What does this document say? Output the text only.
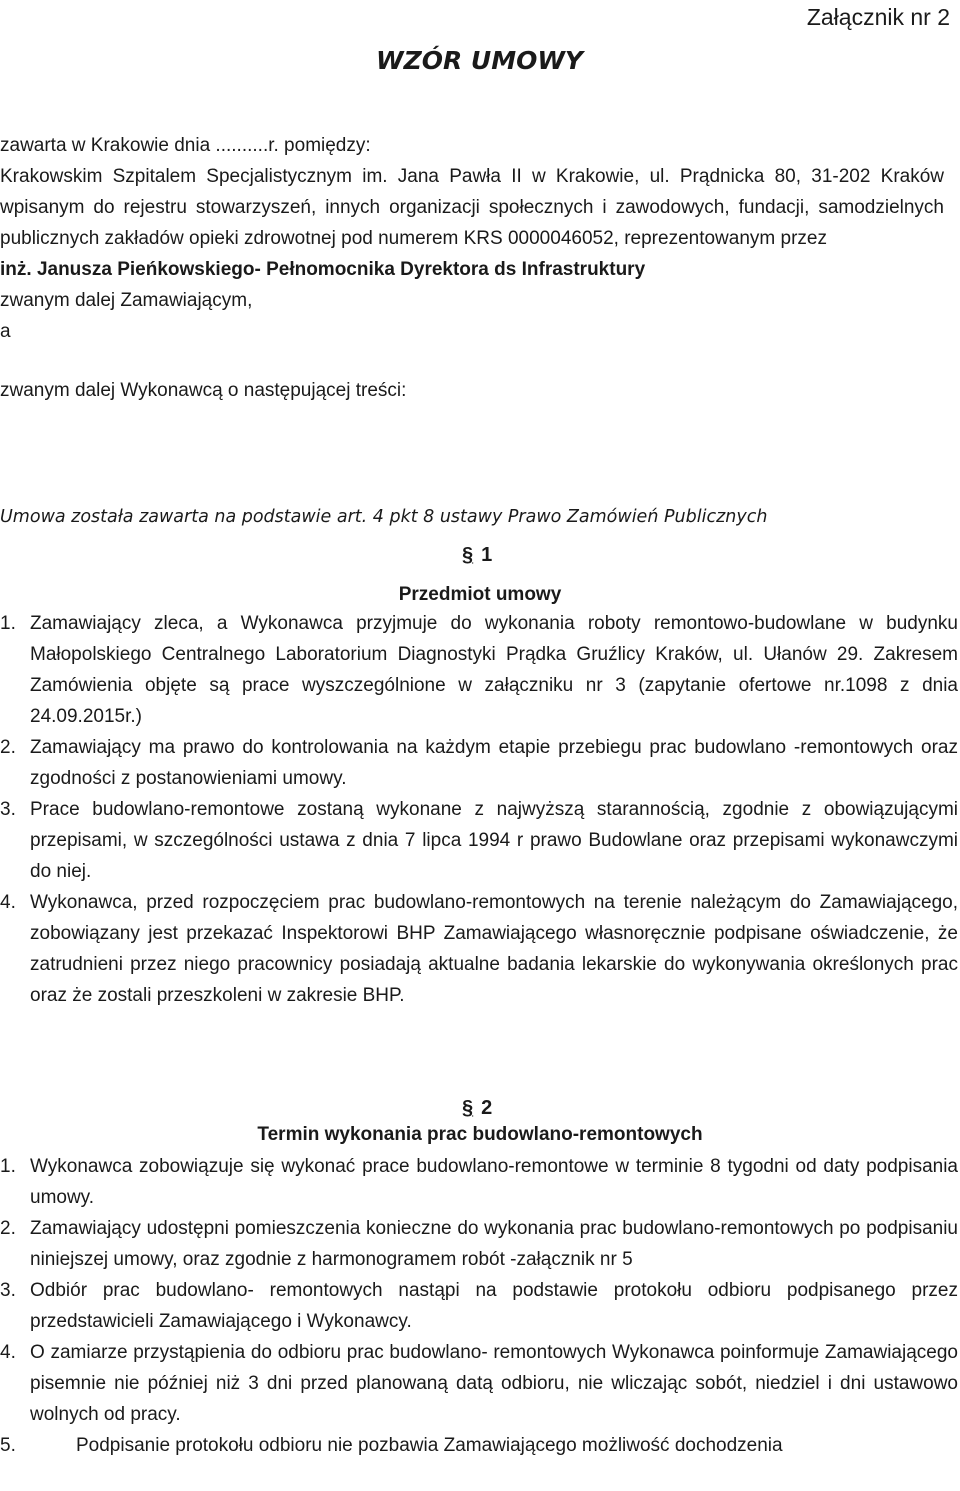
Załącznik nr 2
WZÓR UMOWY
zawarta w Krakowie dnia ..........r. pomiędzy:
Krakowskim Szpitalem Specjalistycznym im. Jana Pawła II w Krakowie, ul. Prądnicka 80, 31-202 Kraków wpisanym do rejestru stowarzyszeń, innych organizacji społecznych i zawodowych, fundacji, samodzielnych publicznych zakładów opieki zdrowotnej pod numerem KRS 0000046052, reprezentowanym przez
inż. Janusza Pieńkowskiego- Pełnomocnika Dyrektora ds Infrastruktury
zwanym dalej Zamawiającym,
a
zwanym dalej Wykonawcą o następującej treści:
Umowa została zawarta na podstawie art. 4 pkt 8 ustawy Prawo Zamówień Publicznych
§ 1
Przedmiot umowy
1. Zamawiający zleca, a Wykonawca przyjmuje do wykonania roboty remontowo-budowlane w budynku Małopolskiego Centralnego Laboratorium Diagnostyki Prądka Gruźlicy Kraków, ul. Ułanów 29. Zakresem Zamówienia objęte są prace wyszczególnione w załączniku nr 3 (zapytanie ofertowe nr.1098 z dnia 24.09.2015r.)
2. Zamawiający ma prawo do kontrolowania na każdym etapie przebiegu prac budowlano -remontowych oraz zgodności z postanowieniami umowy.
3. Prace budowlano-remontowe zostaną wykonane z najwyższą starannością, zgodnie z obowiązującymi przepisami, w szczególności ustawa z dnia 7 lipca 1994 r prawo Budowlane oraz przepisami wykonawczymi do niej.
4. Wykonawca, przed rozpoczęciem prac budowlano-remontowych na terenie należącym do Zamawiającego, zobowiązany jest przekazać Inspektorowi BHP Zamawiającego własnoręcznie podpisane oświadczenie, że zatrudnieni przez niego pracownicy posiadają aktualne badania lekarskie do wykonywania określonych prac oraz że zostali przeszkoleni w zakresie BHP.
§ 2
Termin wykonania prac budowlano-remontowych
1. Wykonawca zobowiązuje się wykonać prace budowlano-remontowe w terminie 8 tygodni od daty podpisania umowy.
2. Zamawiający udostępni pomieszczenia konieczne do wykonania prac budowlano-remontowych po podpisaniu niniejszej umowy, oraz zgodnie z harmonogramem robót -załącznik nr 5
3. Odbiór prac budowlano- remontowych nastąpi na podstawie protokołu odbioru podpisanego przez przedstawicieli Zamawiającego i Wykonawcy.
4. O zamiarze przystąpienia do odbioru prac budowlano- remontowych Wykonawca poinformuje Zamawiającego pisemnie nie później niż 3 dni przed planowaną datą odbioru, nie wliczając sobót, niedziel i dni ustawowo wolnych od pracy.
5.	Podpisanie protokołu odbioru nie pozbawia Zamawiającego możliwość dochodzenia
